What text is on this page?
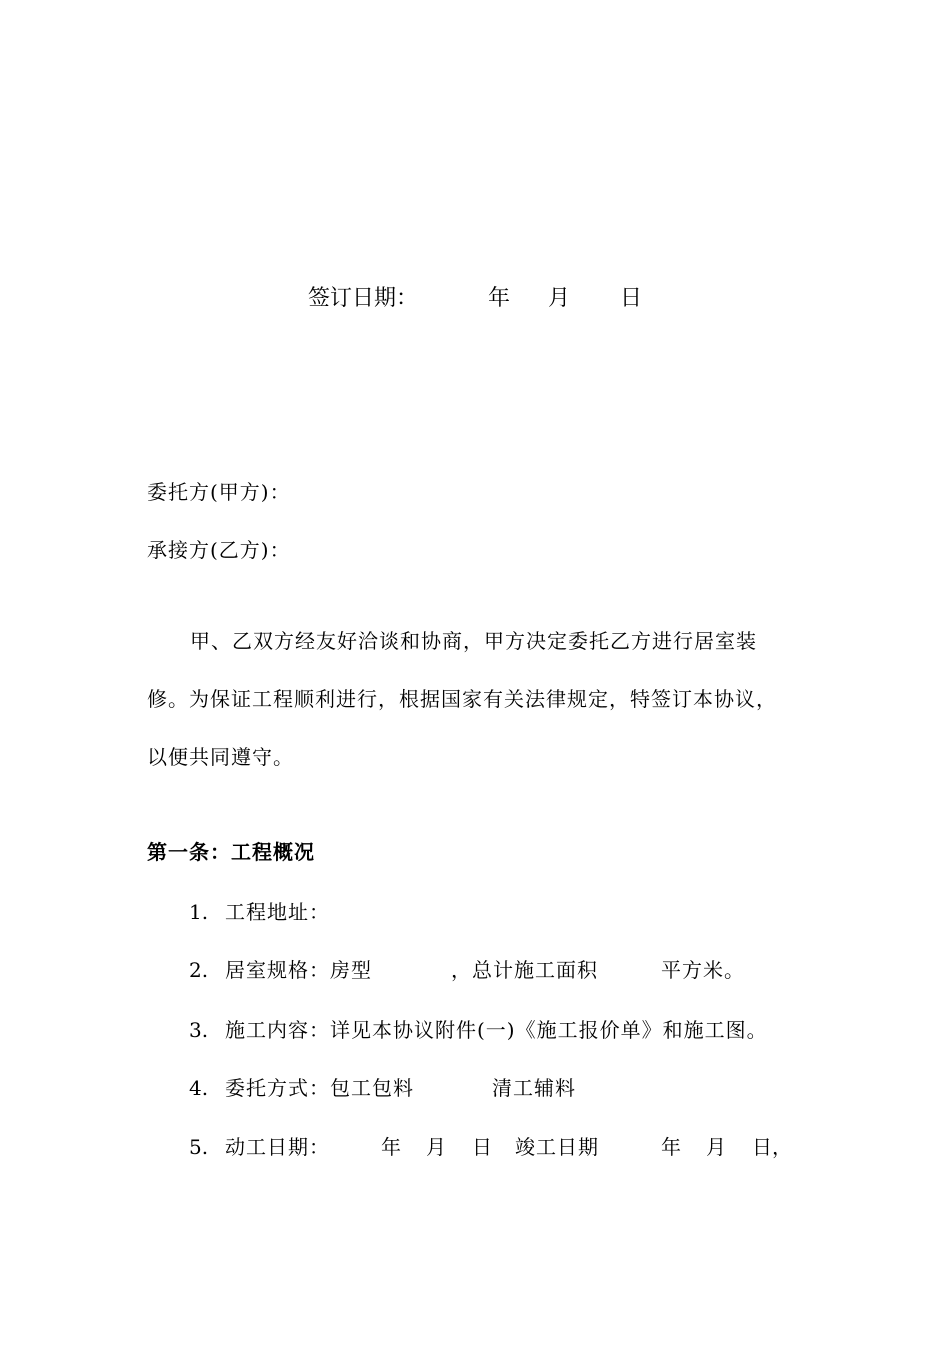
签订日期：

	年

月

日

委托方(甲方)：
承接方(乙方)：
甲、乙双方经友好洽谈和协商，甲方决定委托乙方进行居室装
修。为保证工程顺利进行，根据国家有关法律规定，特签订本协议，
以便共同遵守。
第一条：工程概况

1.

工程地址：

2.

居室规格：房型

	，总计施工面积

	平方米。

3.

施工内容：详见本协议附件(一)《施工报价单》和施工图。

4.

委托方式：包工包料

	清工辅料

5.

动工日期：

	年

月

日

竣工日期

	年

月

日，
